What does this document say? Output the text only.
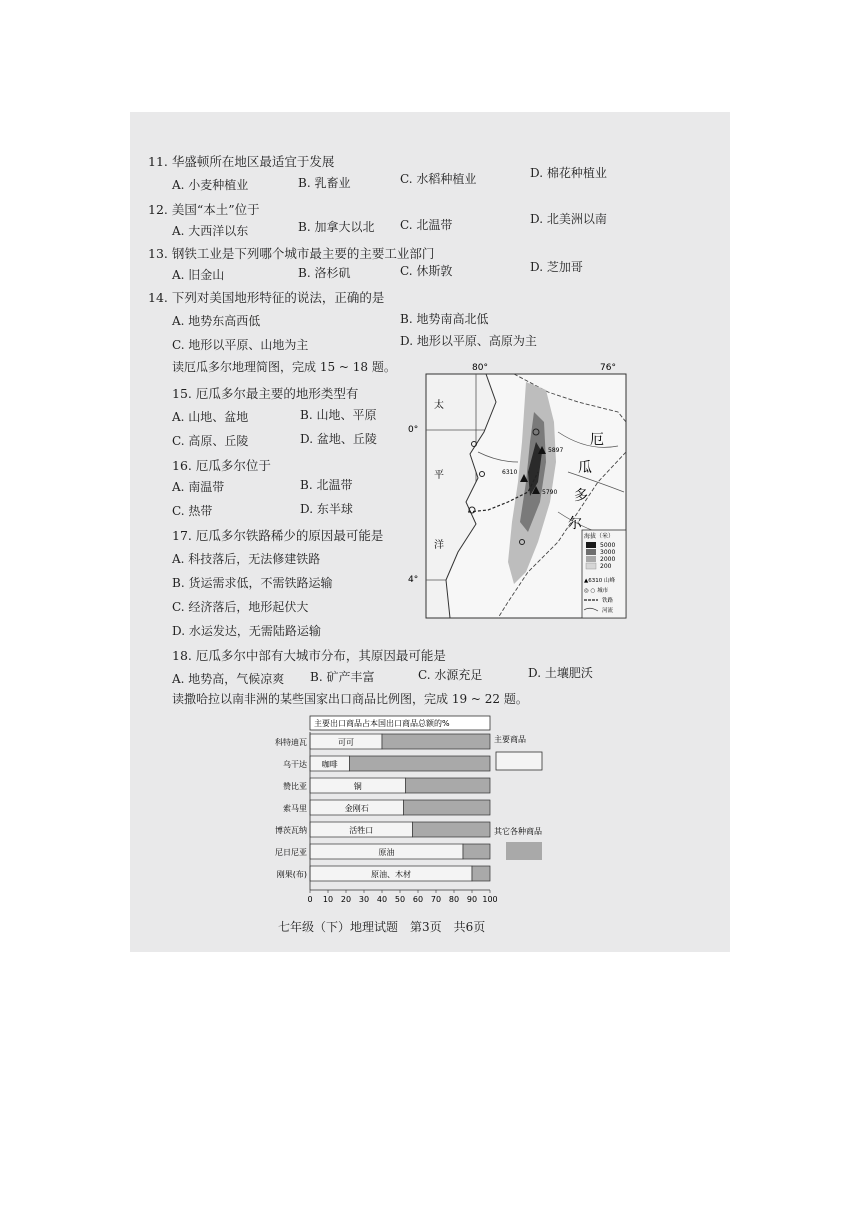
11. 华盛顿所在地区最适宜于发展
A. 小麦种植业	B. 乳畜业	C. 水稻种植业	D. 棉花种植业
12. 美国“本土”位于
A. 大西洋以东	B. 加拿大以北 C. 北温带	D. 北美洲以南
13. 钢铁工业是下列哪个城市最主要的主要工业部门
A. 旧金山	B. 洛杉矶	C. 休斯敦	D. 芝加哥
14. 下列对美国地形特征的说法，正确的是
A. 地势东高西低	B. 地势南高北低
C. 地形以平原、山地为主	D. 地形以平原、高原为主
读厄瓜多尔地理简图，完成 15 ~ 18 题。
15. 厄瓜多尔最主要的地形类型有
A. 山地、盆地	B. 山地、平原
C. 高原、丘陵	D. 盆地、丘陵
16. 厄瓜多尔位于
A. 南温带	B. 北温带
C. 热带	D. 东半球
17. 厄瓜多尔铁路稀少的原因最可能是
A. 科技落后，无法修建铁路
B. 货运需求低，不需铁路运输
C. 经济落后，地形起伏大
D. 水运发达，无需陆路运输
18. 厄瓜多尔中部有大城市分布，其原因最可能是
A. 地势高，气候凉爽 B. 矿产丰富	C. 水源充足	D. 土壤肥沃
读撒哈拉以南非洲的某些国家出口商品比例图，完成 19 ~ 22 题。
5897
6310
5790
80°	76°
0°
4°
太
平
洋
厄
瓜
多
尔
海拔（米）
5000
3000
2000
200
▲6310 山峰
◎ ○ 城市
铁路
河流
主要出口商品占本国出口商品总额的%
科特迪瓦	可可
乌干达 咖啡
赞比亚	铜
索马里	金刚石
博茨瓦纳	活牲口
尼日尼亚	原油
刚果(布)	原油、木材
0 10 20 30 40 50 60 70 80 90 100
主要商品
其它各种商品
七年级（下）地理试题　第3页　共6页
